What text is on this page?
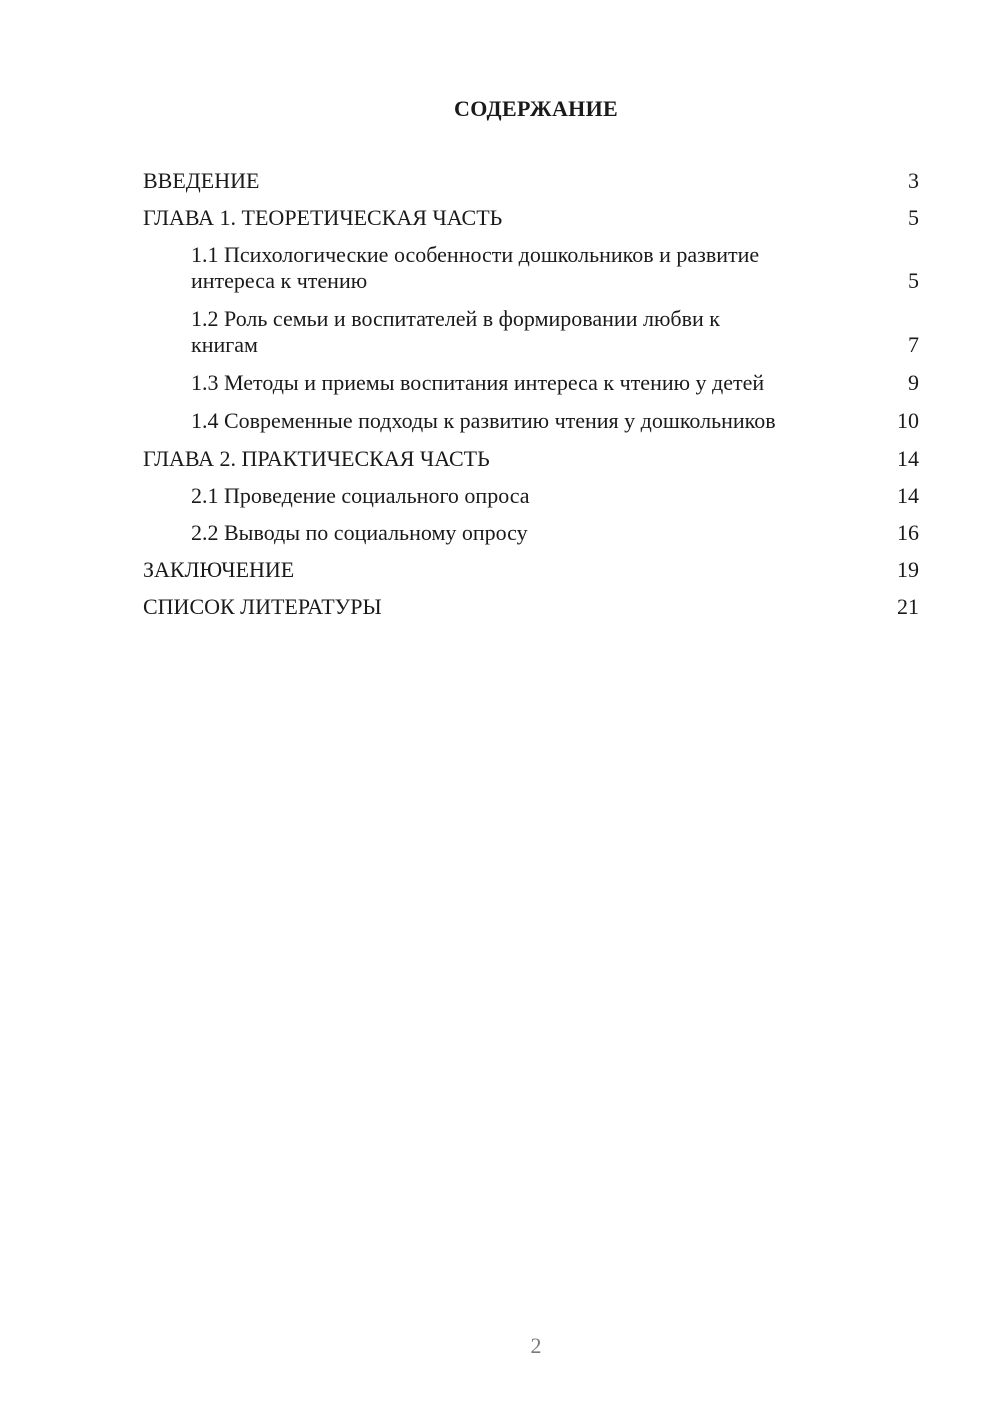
СОДЕРЖАНИЕ
ВВЕДЕНИЕ	3
ГЛАВА 1. ТЕОРЕТИЧЕСКАЯ ЧАСТЬ	5
1.1 Психологические особенности дошкольников и развитие интереса к чтению	5
1.2 Роль семьи и воспитателей в формировании любви к книгам	7
1.3 Методы и приемы воспитания интереса к чтению у детей	9
1.4 Современные подходы к развитию чтения у дошкольников	10
ГЛАВА 2. ПРАКТИЧЕСКАЯ ЧАСТЬ	14
2.1 Проведение социального опроса	14
2.2 Выводы по социальному опросу	16
ЗАКЛЮЧЕНИЕ	19
СПИСОК ЛИТЕРАТУРЫ	21
2
